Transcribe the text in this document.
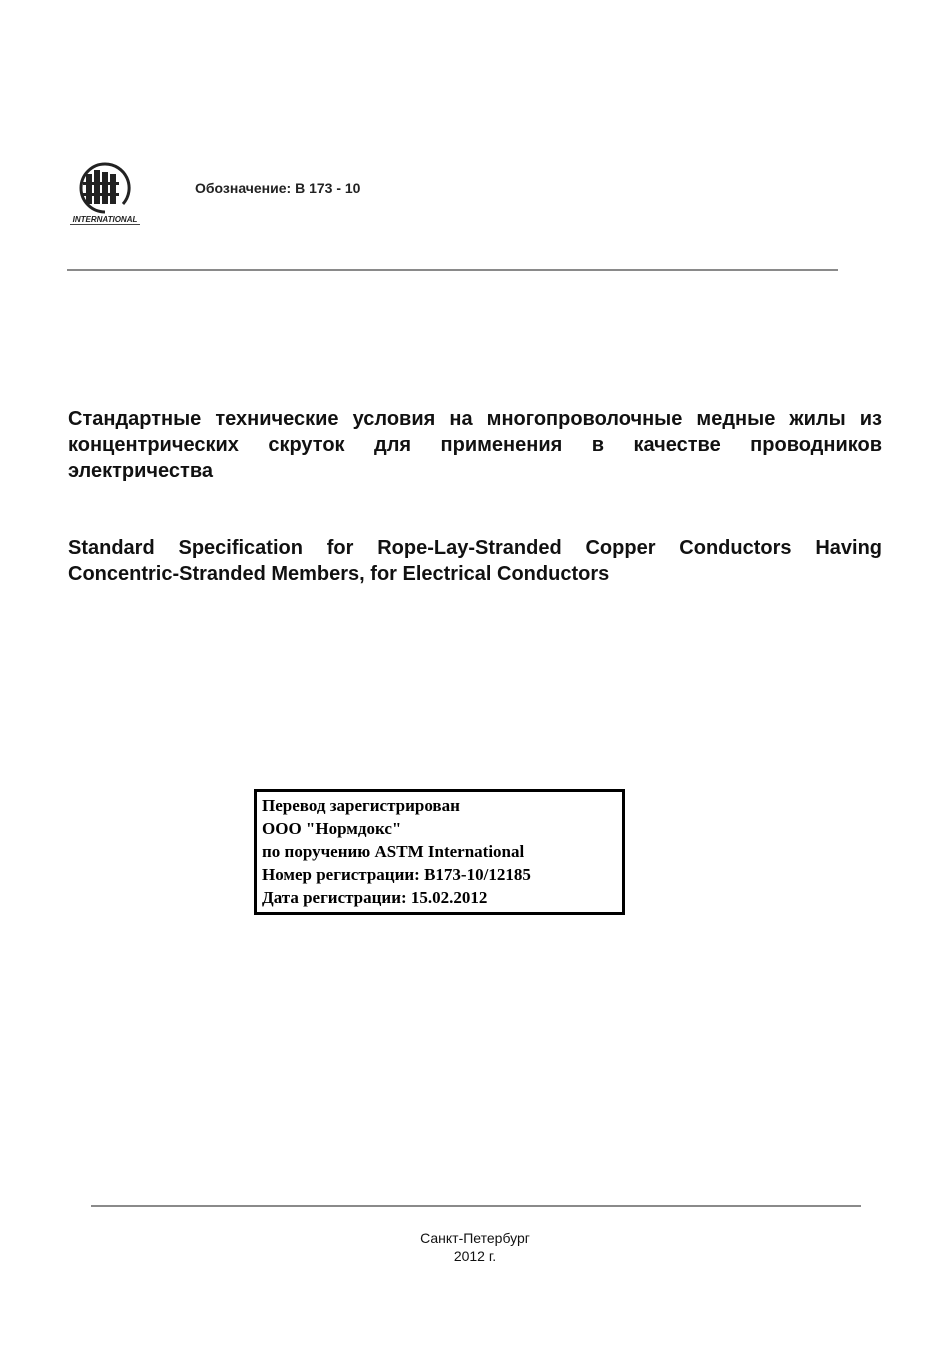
INTERNATIONAL
Обозначение: B 173 - 10
Стандартные технические условия на многопроволочные медные жилы из концентрических скруток для применения в качестве проводников электричества
Standard Specification for Rope-Lay-Stranded Copper Conductors Having Concentric-Stranded Members, for Electrical Conductors
Перевод зарегистрирован
ООО "Нормдокс"
по поручению ASTM International
Номер регистрации: B173-10/12185
Дата регистрации: 15.02.2012
Санкт-Петербург
2012 г.
